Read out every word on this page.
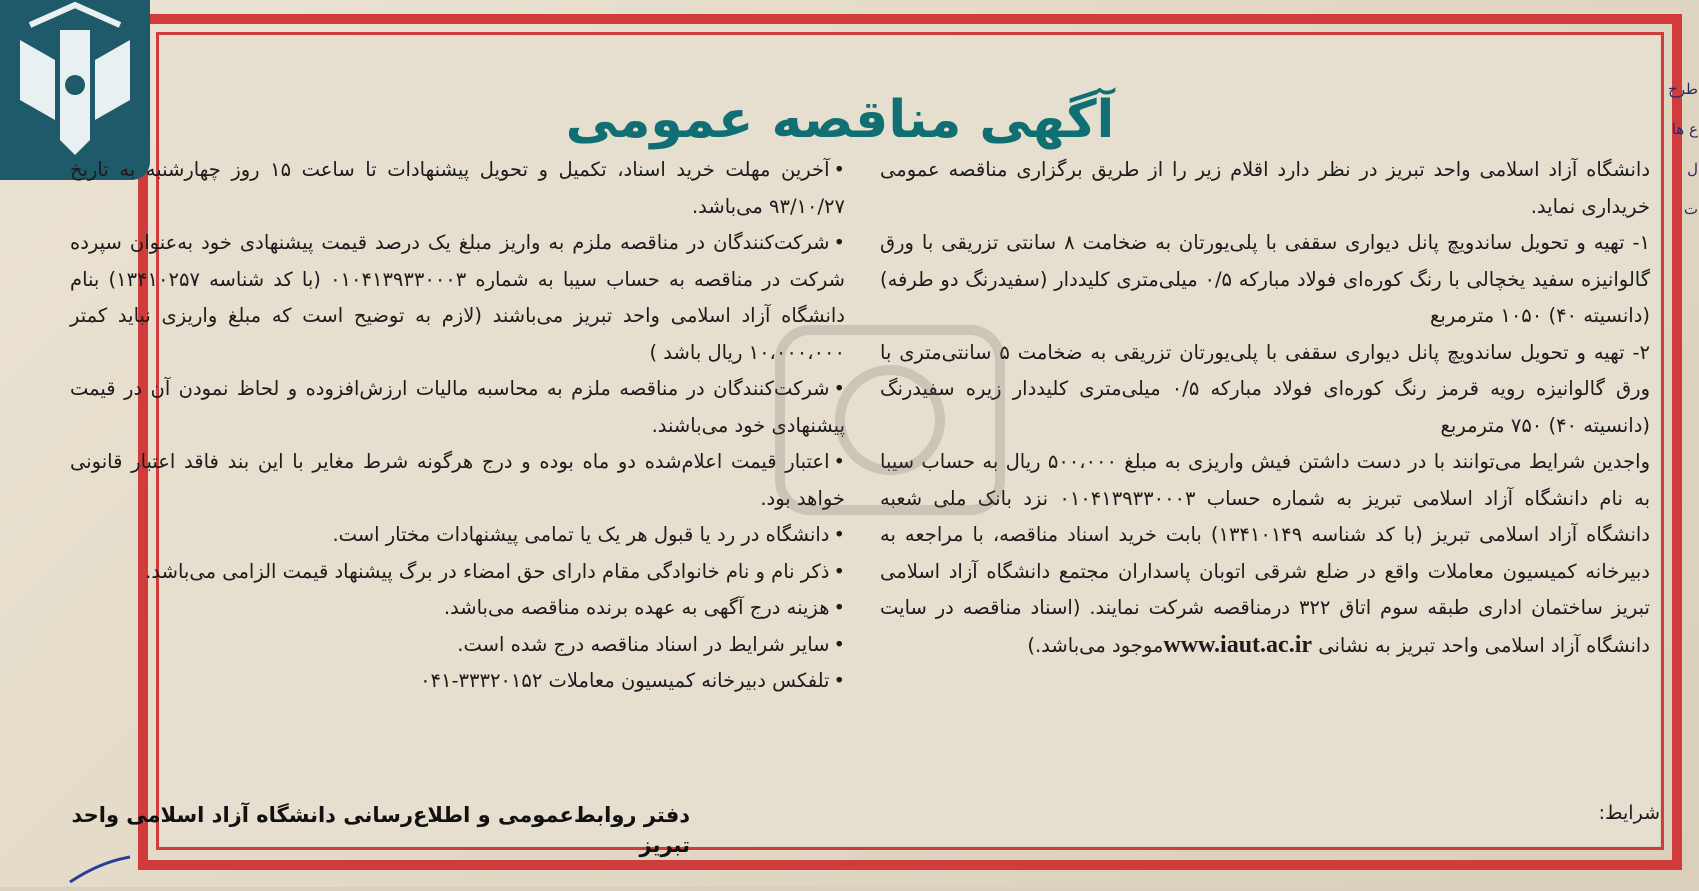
آگهی مناقصه عمومی
طرح
ع ها
ل
ت

دانشگاه آزاد اسلامی واحد تبریز در نظر دارد اقلام زیر را از طریق برگزاری مناقصه عمومی خریداری نماید.

۱- تهیه و تحویل ساندویچ پانل دیواری سقفی با پلی‌یورتان به ضخامت ۸ سانتی تزریقی با ورق گالوانیزه سفید یخچالی با رنگ کوره‌ای فولاد مبارکه ۰/۵ میلی‌متری کلیددار (سفیدرنگ دو طرفه) (دانسیته ۴۰) ۱۰۵۰ مترمربع

۲- تهیه و تحویل ساندویچ پانل دیواری سقفی با پلی‌یورتان تزریقی به ضخامت ۵ سانتی‌متری با ورق گالوانیزه رویه قرمز رنگ کوره‌ای فولاد مبارکه ۰/۵ میلی‌متری کلیددار زیره سفیدرنگ (دانسیته ۴۰) ۷۵۰ مترمربع

واجدین شرایط می‌توانند با در دست داشتن فیش واریزی به مبلغ ۵۰۰،۰۰۰ ریال به حساب سیبا به نام دانشگاه آزاد اسلامی تبریز به شماره حساب ۰۱۰۴۱۳۹۳۳۰۰۰۳ نزد بانک ملی شعبه دانشگاه آزاد اسلامی تبریز (با کد شناسه ۱۳۴۱۰۱۴۹) بابت خرید اسناد مناقصه، با مراجعه به دبیرخانه کمیسیون معاملات واقع در ضلع شرقی اتوبان پاسداران مجتمع دانشگاه آزاد اسلامی تبریز ساختمان اداری طبقه سوم اتاق ۳۲۲ درمناقصه شرکت نمایند. (اسناد مناقصه در سایت دانشگاه آزاد اسلامی واحد تبریز به نشانی www.iaut.ac.irموجود می‌باشد.)

شرایط:

• آخرین مهلت خرید اسناد، تکمیل و تحویل پیشنهادات تا ساعت ۱۵ روز چهارشنبه به تاریخ ۹۳/۱۰/۲۷ می‌باشد.

• شرکت‌کنندگان در مناقصه ملزم به واریز مبلغ یک درصد قیمت پیشنهادی خود به‌عنوان سپرده شرکت در مناقصه به حساب سیبا به شماره ۰۱۰۴۱۳۹۳۳۰۰۰۳ (با کد شناسه ۱۳۴۱۰۲۵۷) بنام دانشگاه آزاد اسلامی واحد تبریز می‌باشند (لازم به توضیح است که مبلغ واریزی نباید کمتر ۱۰،۰۰۰،۰۰۰ ریال باشد )

• شرکت‌کنندگان در مناقصه ملزم به محاسبه مالیات ارزش‌افزوده و لحاظ نمودن آن در قیمت پیشنهادی خود می‌باشند.

• اعتبار قیمت اعلام‌شده دو ماه بوده و درج هرگونه شرط مغایر با این بند فاقد اعتبار قانونی خواهد بود.

• دانشگاه در رد یا قبول هر یک یا تمامی پیشنهادات مختار است.

• ذکر نام و نام خانوادگی مقام دارای حق امضاء در برگ پیشنهاد قیمت الزامی می‌باشد.

• هزینه درج آگهی به عهده برنده مناقصه می‌باشد.

• سایر شرایط در اسناد مناقصه درج شده است.

• تلفکس دبیرخانه کمیسیون معاملات ۳۳۳۲۰۱۵۲-۰۴۱

دفتر روابط‌عمومی و اطلاع‌رسانی دانشگاه آزاد اسلامی واحد تبریز
